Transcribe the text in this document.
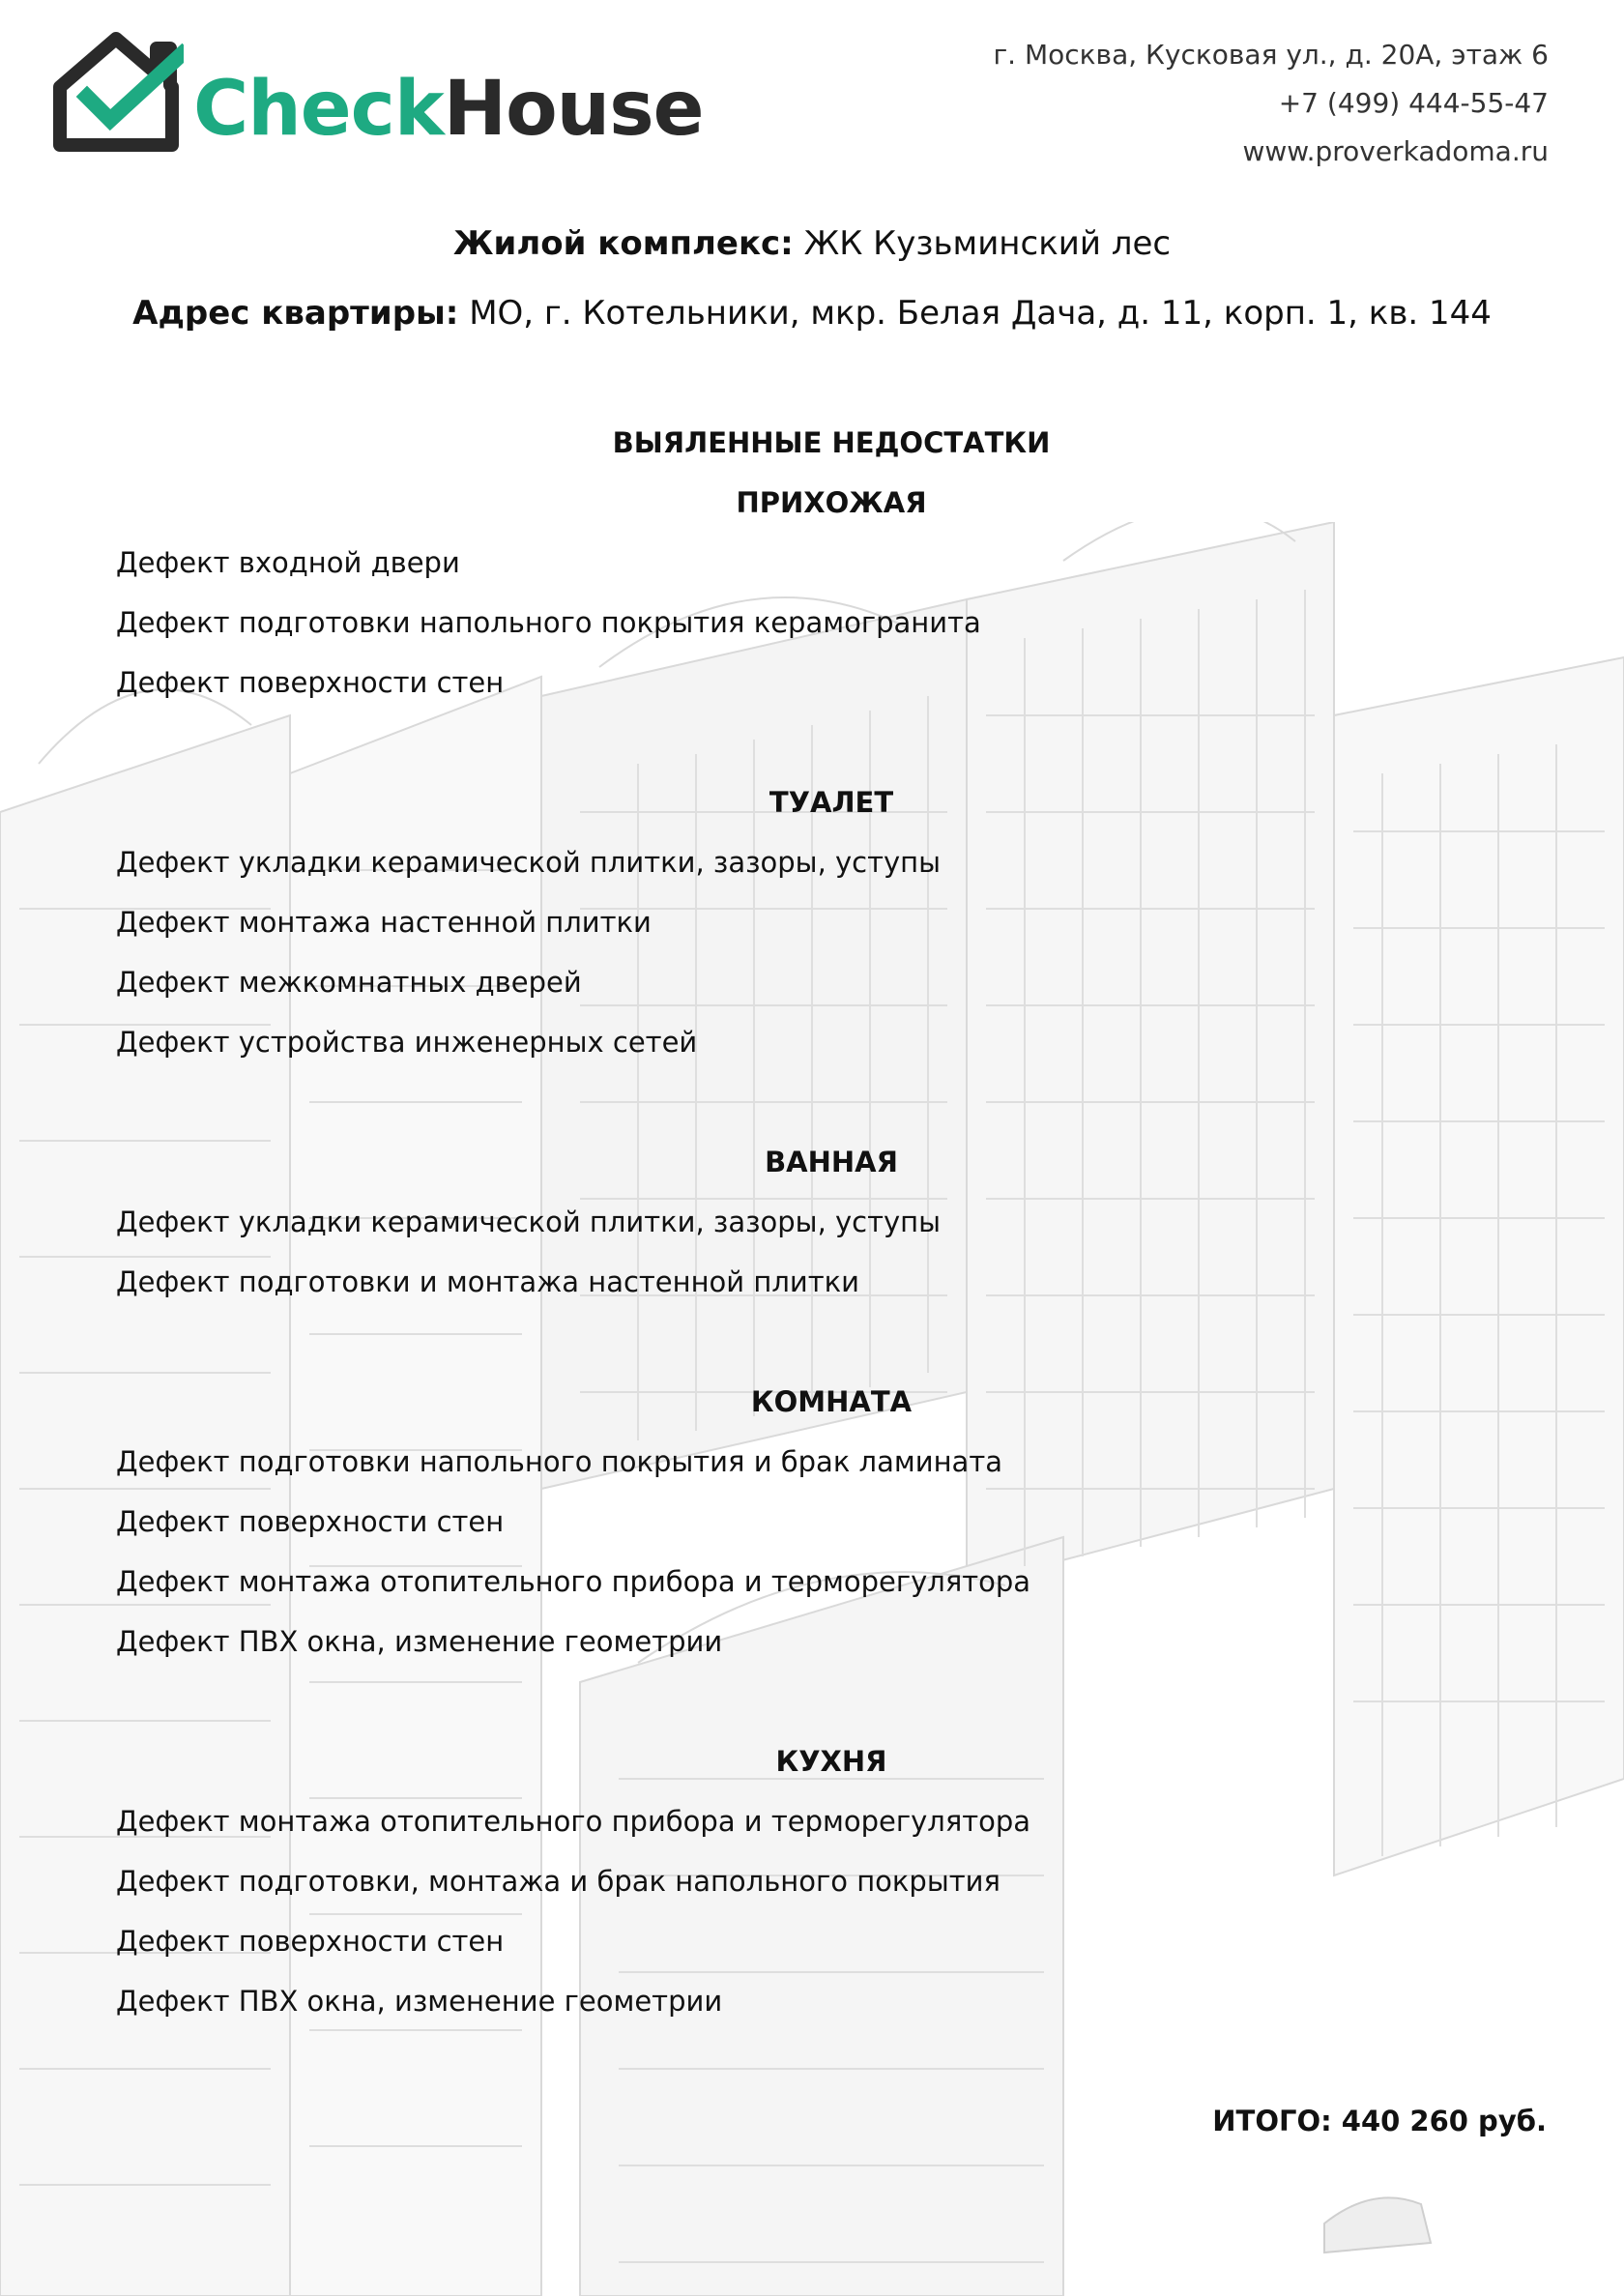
CheckHouse
г. Москва, Кусковая ул., д. 20А, этаж 6
+7 (499) 444-55-47
www.proverkadoma.ru
Жилой комплекс: ЖК Кузьминский лес
Адрес квартиры: МО, г. Котельники, мкр. Белая Дача, д. 11, корп. 1, кв. 144
ВЫЯЛЕННЫЕ НЕДОСТАТКИ
ПРИХОЖАЯ
Дефект входной двери
Дефект подготовки напольного покрытия керамогранита
Дефект поверхности стен
ТУАЛЕТ
Дефект укладки керамической плитки, зазоры, уступы
Дефект монтажа настенной плитки
Дефект межкомнатных дверей
Дефект устройства инженерных сетей
ВАННАЯ
Дефект укладки керамической плитки, зазоры, уступы
Дефект подготовки и монтажа настенной плитки
КОМНАТА
Дефект подготовки напольного покрытия и брак ламината
Дефект поверхности стен
Дефект монтажа отопительного прибора и терморегулятора
Дефект ПВХ окна, изменение геометрии
КУХНЯ
Дефект монтажа отопительного прибора и терморегулятора
Дефект подготовки, монтажа и брак напольного покрытия
Дефект поверхности стен
Дефект ПВХ окна, изменение геометрии
ИТОГО: 440 260 руб.
